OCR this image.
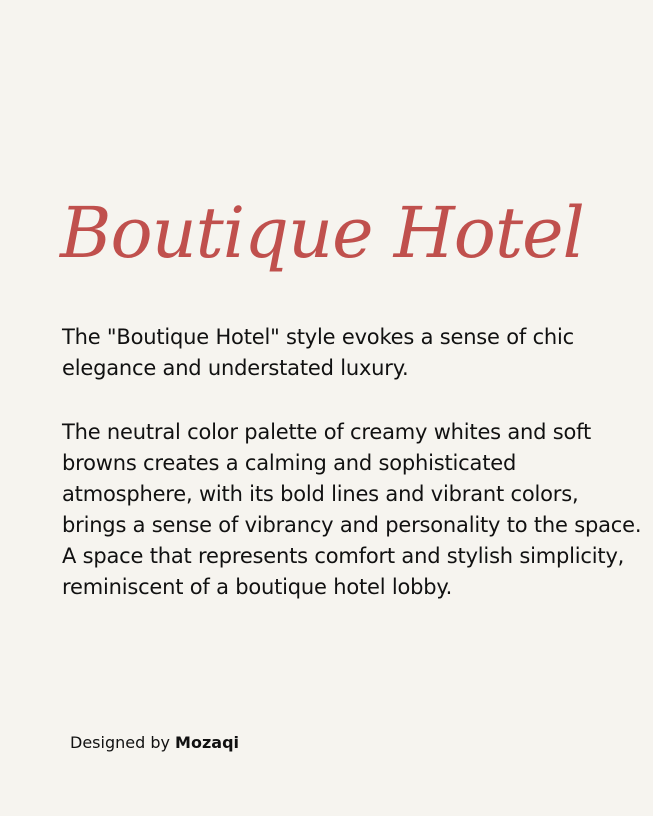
Boutique Hotel

The "Boutique Hotel" style evokes a sense of chic elegance and understated luxury.

The neutral color palette of creamy whites and soft browns creates a calming and sophisticated atmosphere, with its bold lines and vibrant colors, brings a sense of vibrancy and personality to the space. A space that represents comfort and stylish simplicity, reminiscent of a boutique hotel lobby.

Designed by Mozaqi
